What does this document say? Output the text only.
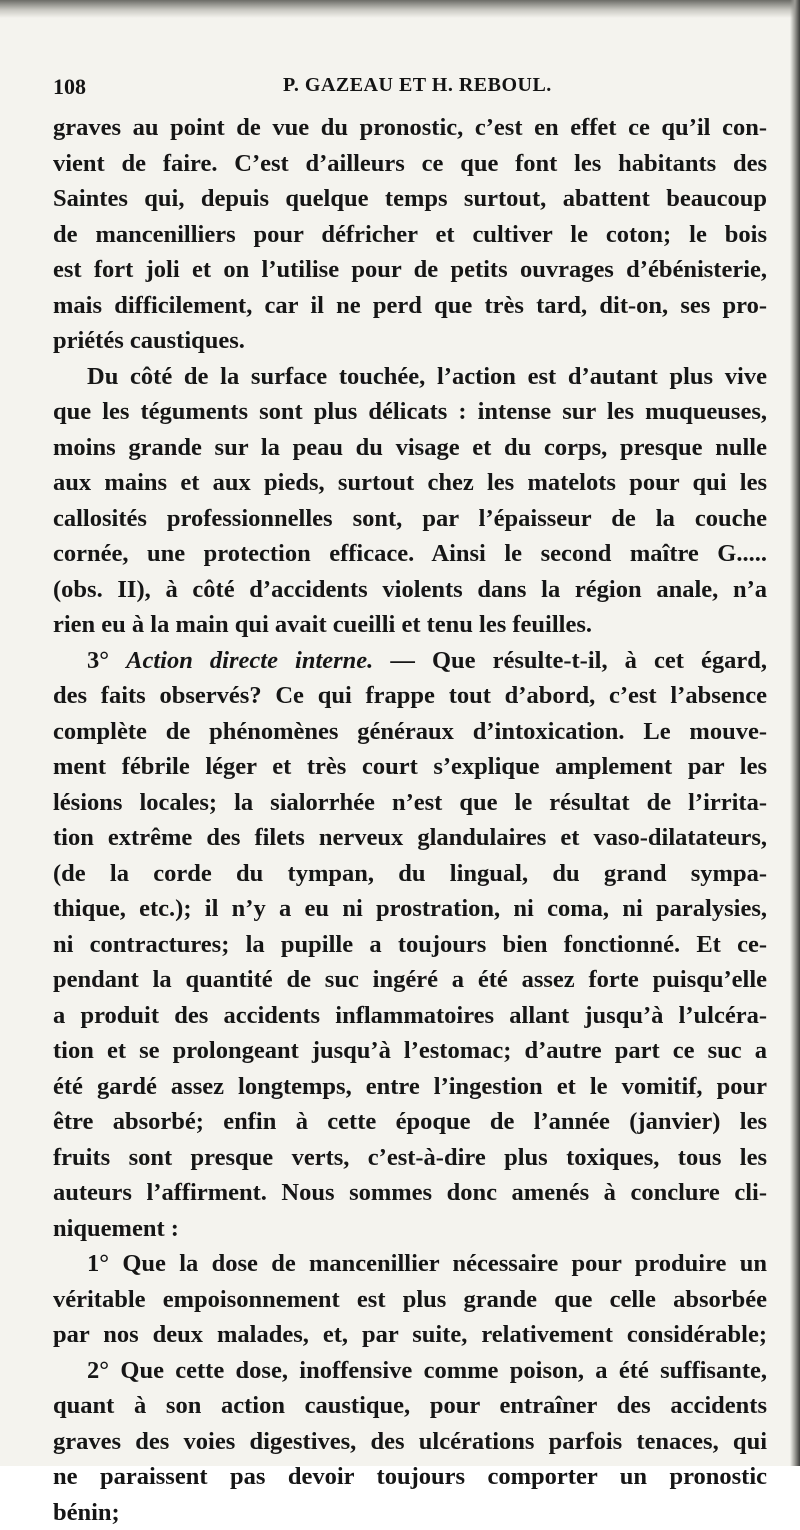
108	P. GAZEAU ET H. REBOUL.
graves au point de vue du pronostic, c’est en effet ce qu’il con-
vient de faire. C’est d’ailleurs ce que font les habitants des
Saintes qui, depuis quelque temps surtout, abattent beaucoup
de mancenilliers pour défricher et cultiver le coton; le bois
est fort joli et on l’utilise pour de petits ouvrages d’ébénisterie,
mais difficilement, car il ne perd que très tard, dit-on, ses pro-
priétés caustiques.
Du côté de la surface touchée, l’action est d’autant plus vive
que les téguments sont plus délicats : intense sur les muqueuses,
moins grande sur la peau du visage et du corps, presque nulle
aux mains et aux pieds, surtout chez les matelots pour qui les
callosités professionnelles sont, par l’épaisseur de la couche
cornée, une protection efficace. Ainsi le second maître G.....
(obs. II), à côté d’accidents violents dans la région anale, n’a
rien eu à la main qui avait cueilli et tenu les feuilles.
3° Action directe interne. — Que résulte-t-il, à cet égard,
des faits observés? Ce qui frappe tout d’abord, c’est l’absence
complète de phénomènes généraux d’intoxication. Le mouve-
ment fébrile léger et très court s’explique amplement par les
lésions locales; la sialorrhée n’est que le résultat de l’irrita-
tion extrême des filets nerveux glandulaires et vaso-dilatateurs,
(de la corde du tympan, du lingual, du grand sympa-
thique, etc.); il n’y a eu ni prostration, ni coma, ni paralysies,
ni contractures; la pupille a toujours bien fonctionné. Et ce-
pendant la quantité de suc ingéré a été assez forte puisqu’elle
a produit des accidents inflammatoires allant jusqu’à l’ulcéra-
tion et se prolongeant jusqu’à l’estomac; d’autre part ce suc a
été gardé assez longtemps, entre l’ingestion et le vomitif, pour
être absorbé; enfin à cette époque de l’année (janvier) les
fruits sont presque verts, c’est-à-dire plus toxiques, tous les
auteurs l’affirment. Nous sommes donc amenés à conclure cli-
niquement :
1° Que la dose de mancenillier nécessaire pour produire un
véritable empoisonnement est plus grande que celle absorbée
par nos deux malades, et, par suite, relativement considérable;
2° Que cette dose, inoffensive comme poison, a été suffisante,
quant à son action caustique, pour entraîner des accidents
graves des voies digestives, des ulcérations parfois tenaces, qui
ne paraissent pas devoir toujours comporter un pronostic
bénin;
